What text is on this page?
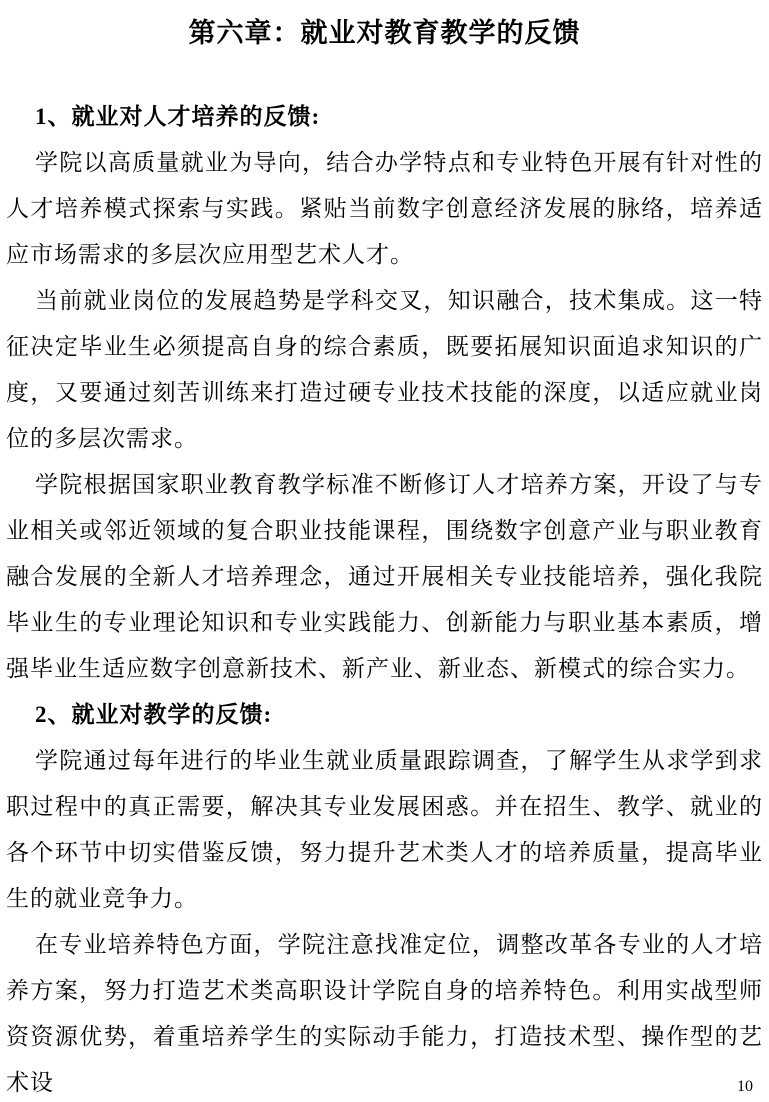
第六章：就业对教育教学的反馈
1、就业对人才培养的反馈:

学院以高质量就业为导向，结合办学特点和专业特色开展有针对性的人才培养模式探索与实践。紧贴当前数字创意经济发展的脉络，培养适应市场需求的多层次应用型艺术人才。

当前就业岗位的发展趋势是学科交叉，知识融合，技术集成。这一特征决定毕业生必须提高自身的综合素质，既要拓展知识面追求知识的广度，又要通过刻苦训练来打造过硬专业技术技能的深度，以适应就业岗位的多层次需求。

学院根据国家职业教育教学标准不断修订人才培养方案，开设了与专业相关或邻近领域的复合职业技能课程，围绕数字创意产业与职业教育融合发展的全新人才培养理念，通过开展相关专业技能培养，强化我院毕业生的专业理论知识和专业实践能力、创新能力与职业基本素质，增强毕业生适应数字创意新技术、新产业、新业态、新模式的综合实力。

2、就业对教学的反馈:

学院通过每年进行的毕业生就业质量跟踪调查，了解学生从求学到求职过程中的真正需要，解决其专业发展困惑。并在招生、教学、就业的各个环节中切实借鉴反馈，努力提升艺术类人才的培养质量，提高毕业生的就业竞争力。

在专业培养特色方面，学院注意找准定位，调整改革各专业的人才培养方案，努力打造艺术类高职设计学院自身的培养特色。利用实战型师资资源优势，着重培养学生的实际动手能力，打造技术型、操作型的艺术设	10
